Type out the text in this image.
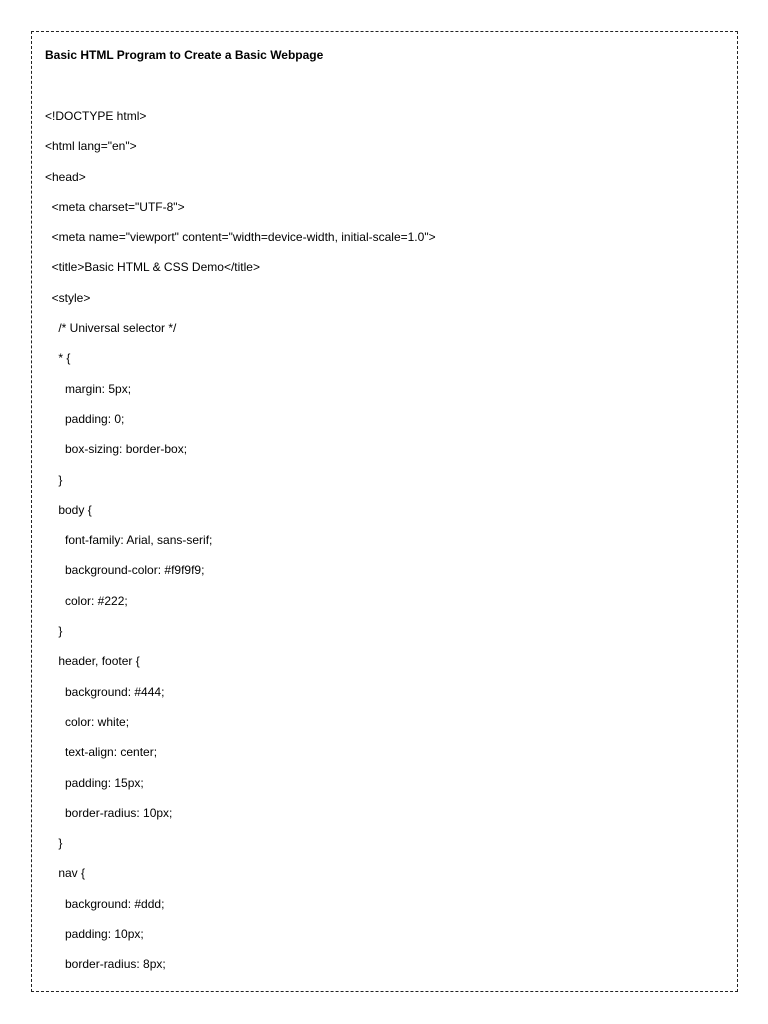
Basic HTML Program to Create a Basic Webpage
<!DOCTYPE html>
<html lang="en">
<head>
<meta charset="UTF-8">
<meta name="viewport" content="width=device-width, initial-scale=1.0">
<title>Basic HTML & CSS Demo</title>
<style>
/* Universal selector */
* {
margin: 5px;
padding: 0;
box-sizing: border-box;
}
body {
font-family: Arial, sans-serif;
background-color: #f9f9f9;
color: #222;
}
header, footer {
background: #444;
color: white;
text-align: center;
padding: 15px;
border-radius: 10px;
}
nav {
background: #ddd;
padding: 10px;
border-radius: 8px;
